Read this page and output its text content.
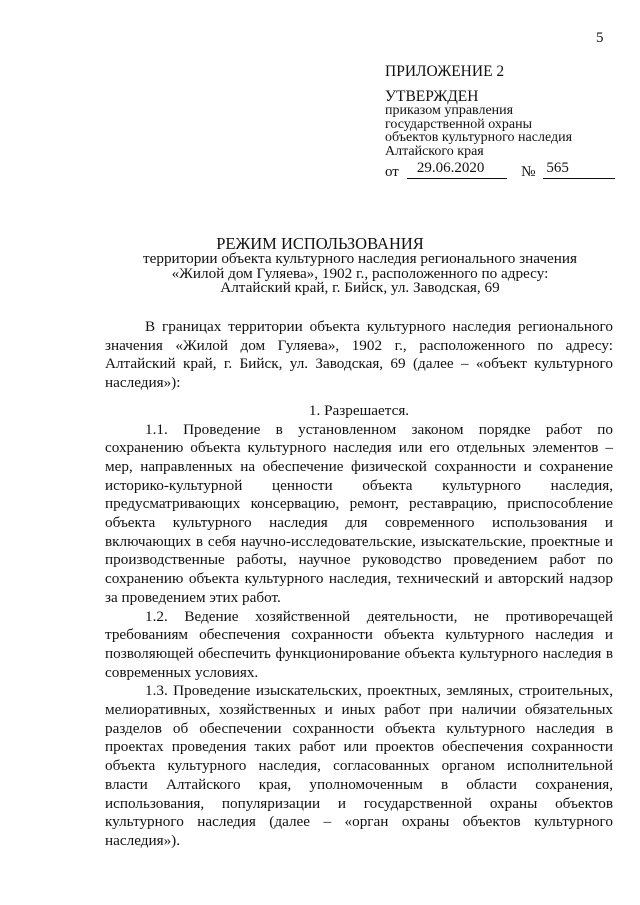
5
ПРИЛОЖЕНИЕ 2
УТВЕРЖДЕН
приказом управления
государственной охраны
объектов культурного наследия
Алтайского края
от	29.06.2020	№ 565
РЕЖИМ ИСПОЛЬЗОВАНИЯ
территории объекта культурного наследия регионального значения
«Жилой дом Гуляева», 1902 г., расположенного по адресу:
Алтайский край, г. Бийск, ул. Заводская, 69

В границах территории объекта культурного наследия регионального значения «Жилой дом Гуляева», 1902 г., расположенного по адресу: Алтайский край, г. Бийск, ул. Заводская, 69 (далее – «объект культурного наследия»):

1. Разрешается.

1.1. Проведение в установленном законом порядке работ по сохранению объекта культурного наследия или его отдельных элементов – мер, направленных на обеспечение физической сохранности и сохранение историко-культурной ценности объекта культурного наследия, предусматривающих консервацию, ремонт, реставрацию, приспособление объекта культурного наследия для современного использования и включающих в себя научно-исследовательские, изыскательские, проектные и производственные работы, научное руководство проведением работ по сохранению объекта культурного наследия, технический и авторский надзор за проведением этих работ.

1.2. Ведение хозяйственной деятельности, не противоречащей требованиям обеспечения сохранности объекта культурного наследия и позволяющей обеспечить функционирование объекта культурного наследия в современных условиях.

1.3. Проведение изыскательских, проектных, земляных, строительных, мелиоративных, хозяйственных и иных работ при наличии обязательных разделов об обеспечении сохранности объекта культурного наследия в проектах проведения таких работ или проектов обеспечения сохранности объекта культурного наследия, согласованных органом исполнительной власти Алтайского края, уполномоченным в области сохранения, использования, популяризации и государственной охраны объектов культурного наследия (далее – «орган охраны объектов культурного наследия»).
